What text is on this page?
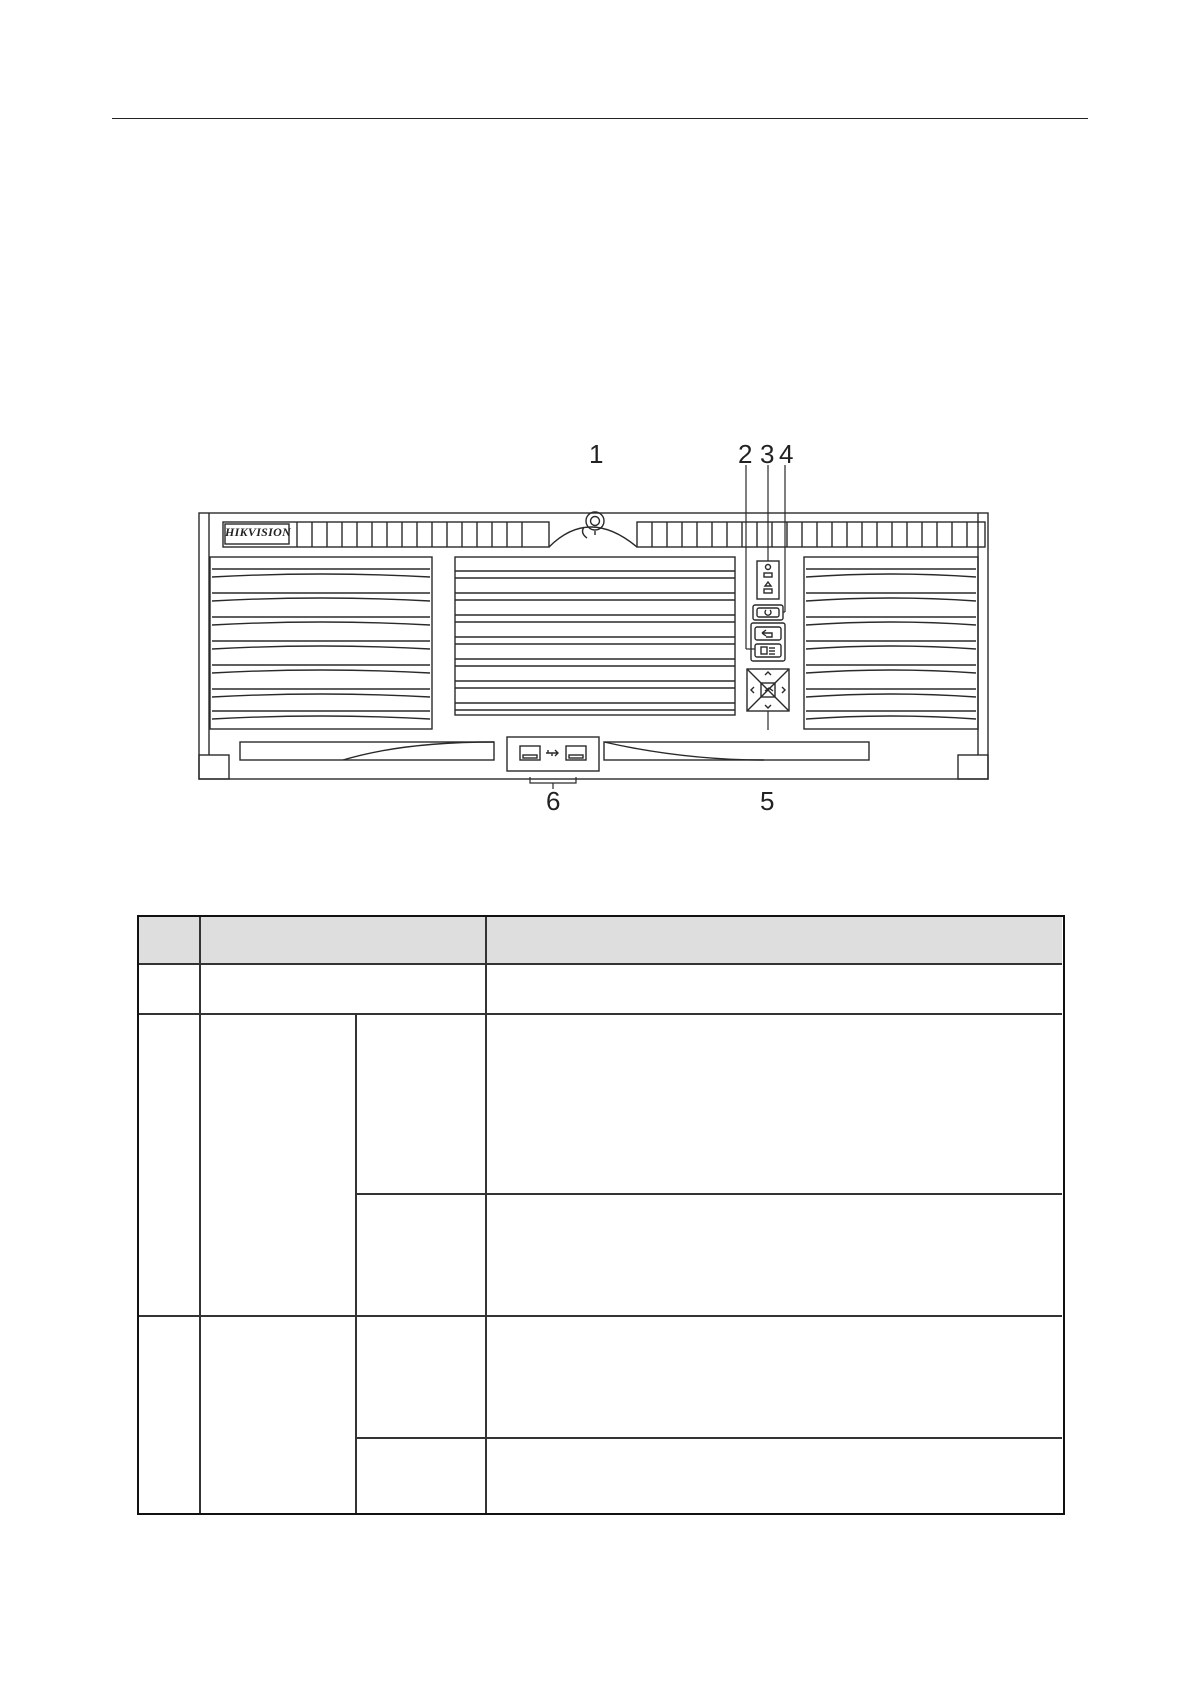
1	2 3 4
5
6
HIKVISION
